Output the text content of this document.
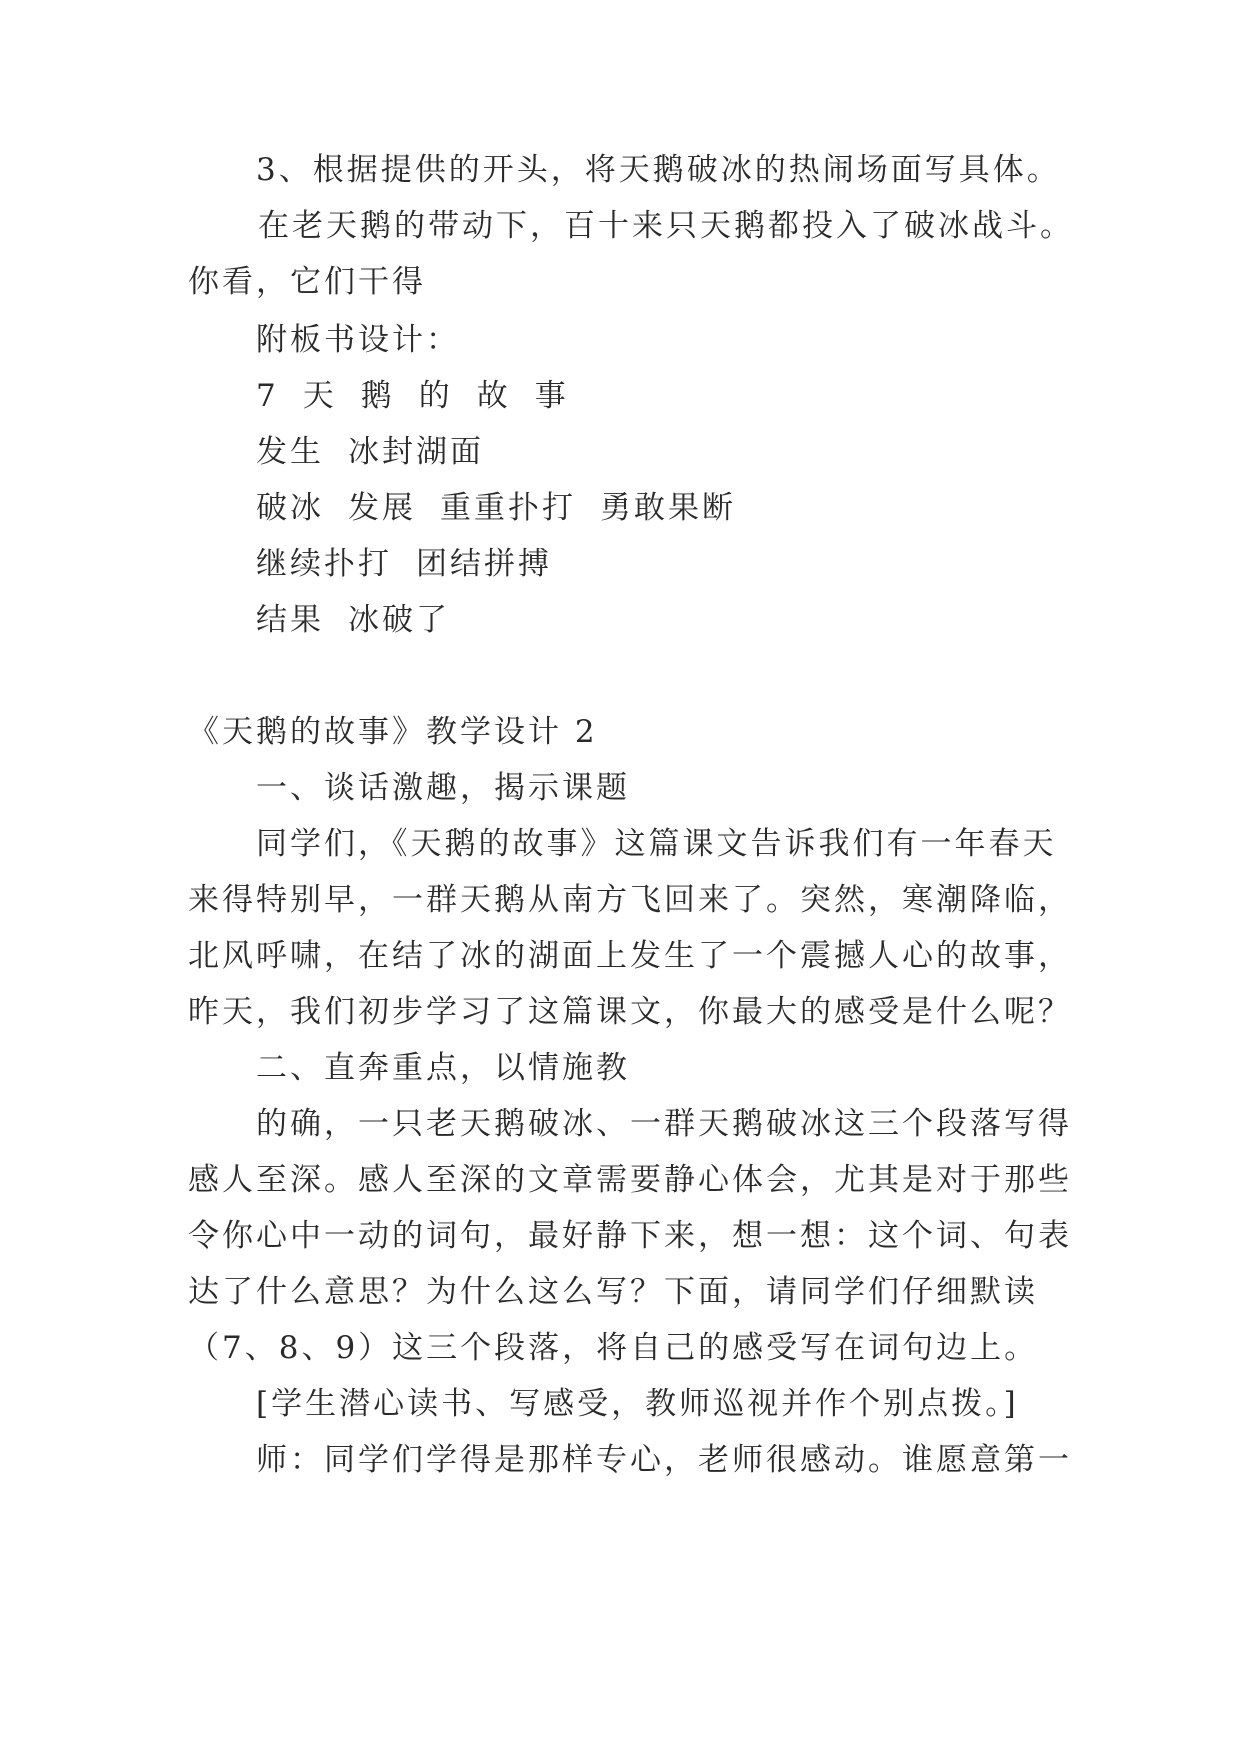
3、根据提供的开头，将天鹅破冰的热闹场面写具体。
在老天鹅的带动下，百十来只天鹅都投入了破冰战斗。
你看，它们干得
附板书设计：
7 天 鹅 的 故 事
发生 冰封湖面
破冰 发展 重重扑打 勇敢果断
继续扑打 团结拼搏
结果 冰破了
《天鹅的故事》教学设计 2
一、谈话激趣，揭示课题
同学们，《天鹅的故事》这篇课文告诉我们有一年春天
来得特别早，一群天鹅从南方飞回来了。突然，寒潮降临，
北风呼啸，在结了冰的湖面上发生了一个震撼人心的故事，
昨天，我们初步学习了这篇课文，你最大的感受是什么呢？
二、直奔重点，以情施教
的确，一只老天鹅破冰、一群天鹅破冰这三个段落写得
感人至深。感人至深的文章需要静心体会，尤其是对于那些
令你心中一动的词句，最好静下来，想一想：这个词、句表
达了什么意思？为什么这么写？下面，请同学们仔细默读
（7、8、9）这三个段落，将自己的感受写在词句边上。
[学生潜心读书、写感受，教师巡视并作个别点拨。]
师：同学们学得是那样专心，老师很感动。谁愿意第一
